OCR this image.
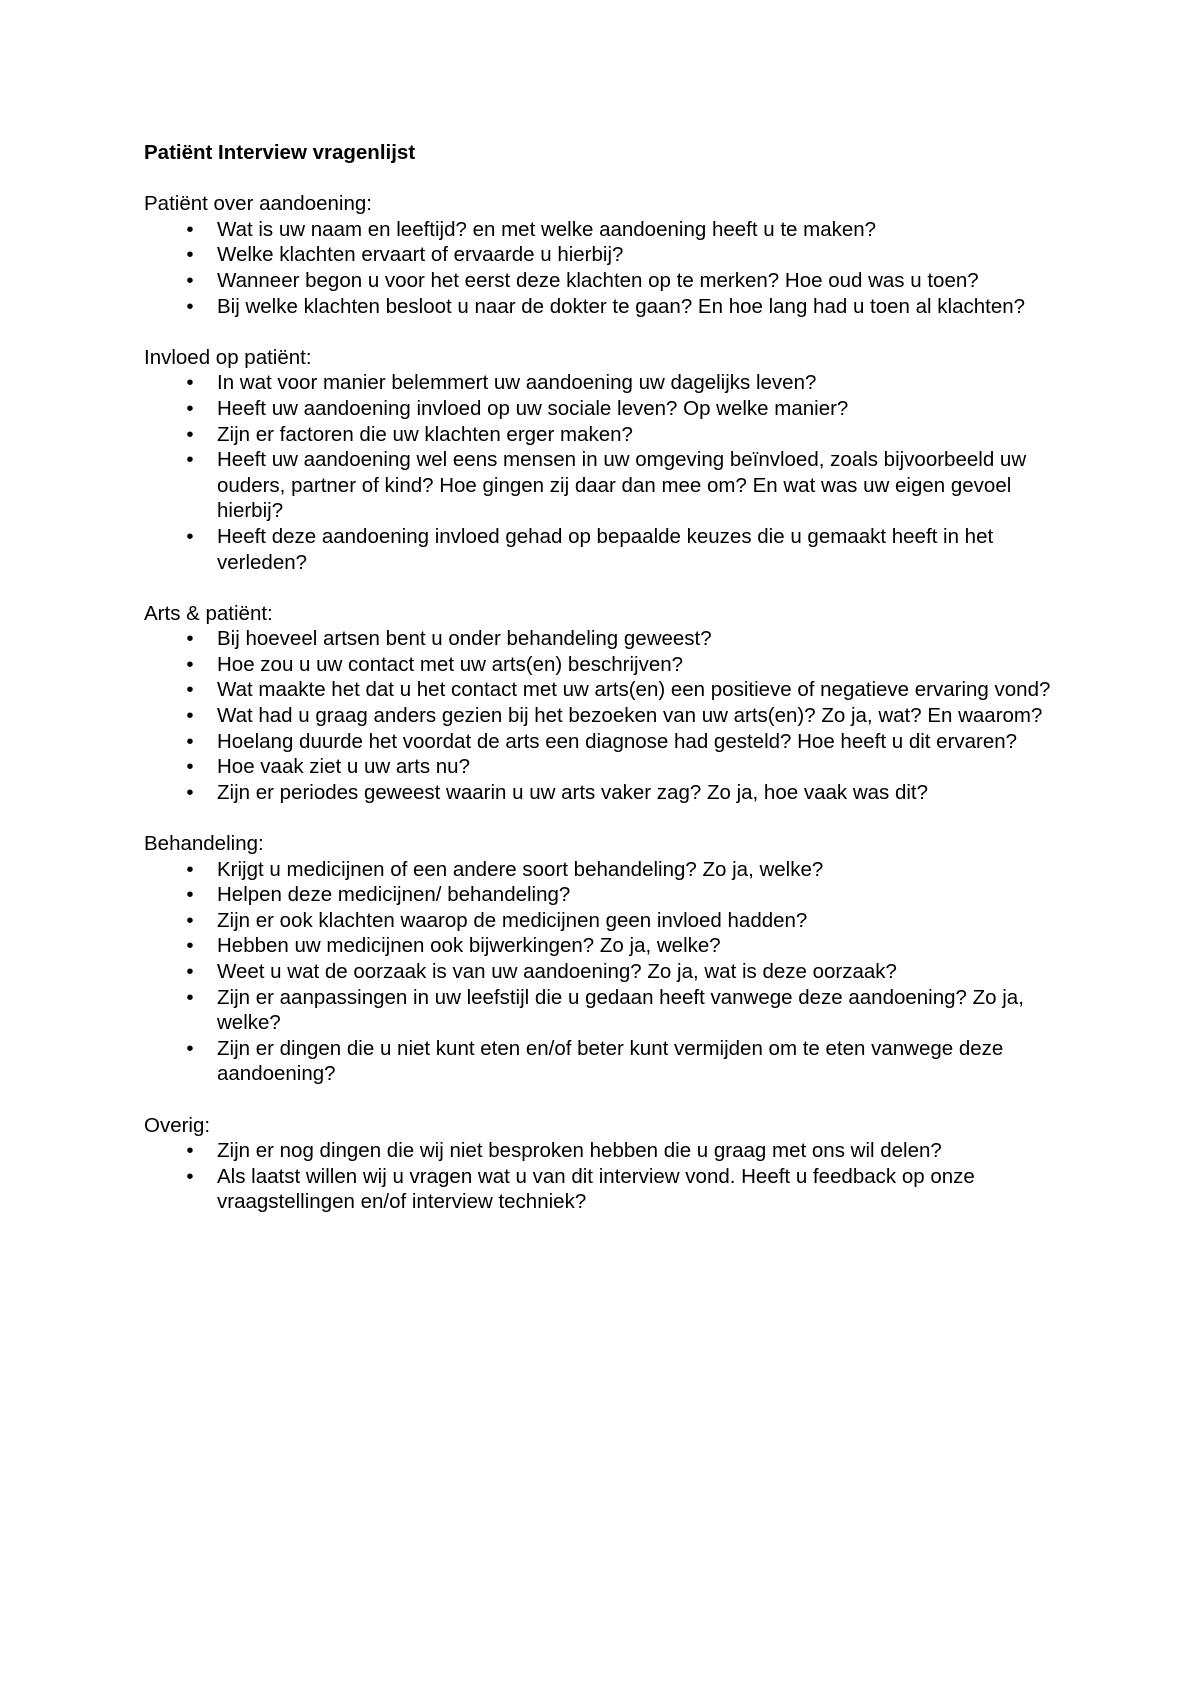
Patiënt Interview vragenlijst
Patiënt over aandoening:
• Wat is uw naam en leeftijd? en met welke aandoening heeft u te maken?
• Welke klachten ervaart of ervaarde u hierbij?
• Wanneer begon u voor het eerst deze klachten op te merken? Hoe oud was u toen?
• Bij welke klachten besloot u naar de dokter te gaan? En hoe lang had u toen al klachten?
Invloed op patiënt:
• In wat voor manier belemmert uw aandoening uw dagelijks leven?
• Heeft uw aandoening invloed op uw sociale leven? Op welke manier?
• Zijn er factoren die uw klachten erger maken?
• Heeft uw aandoening wel eens mensen in uw omgeving beïnvloed, zoals bijvoorbeeld uw ouders, partner of kind? Hoe gingen zij daar dan mee om? En wat was uw eigen gevoel hierbij?
• Heeft deze aandoening invloed gehad op bepaalde keuzes die u gemaakt heeft in het verleden?
Arts & patiënt:
• Bij hoeveel artsen bent u onder behandeling geweest?
• Hoe zou u uw contact met uw arts(en) beschrijven?
• Wat maakte het dat u het contact met uw arts(en) een positieve of negatieve ervaring vond?
• Wat had u graag anders gezien bij het bezoeken van uw arts(en)? Zo ja, wat? En waarom?
• Hoelang duurde het voordat de arts een diagnose had gesteld? Hoe heeft u dit ervaren?
• Hoe vaak ziet u uw arts nu?
• Zijn er periodes geweest waarin u uw arts vaker zag? Zo ja, hoe vaak was dit?
Behandeling:
• Krijgt u medicijnen of een andere soort behandeling? Zo ja, welke?
• Helpen deze medicijnen/ behandeling?
• Zijn er ook klachten waarop de medicijnen geen invloed hadden?
• Hebben uw medicijnen ook bijwerkingen? Zo ja, welke?
• Weet u wat de oorzaak is van uw aandoening? Zo ja, wat is deze oorzaak?
• Zijn er aanpassingen in uw leefstijl die u gedaan heeft vanwege deze aandoening? Zo ja, welke?
• Zijn er dingen die u niet kunt eten en/of beter kunt vermijden om te eten vanwege deze aandoening?
Overig:
• Zijn er nog dingen die wij niet besproken hebben die u graag met ons wil delen?
• Als laatst willen wij u vragen wat u van dit interview vond. Heeft u feedback op onze vraagstellingen en/of interview techniek?
